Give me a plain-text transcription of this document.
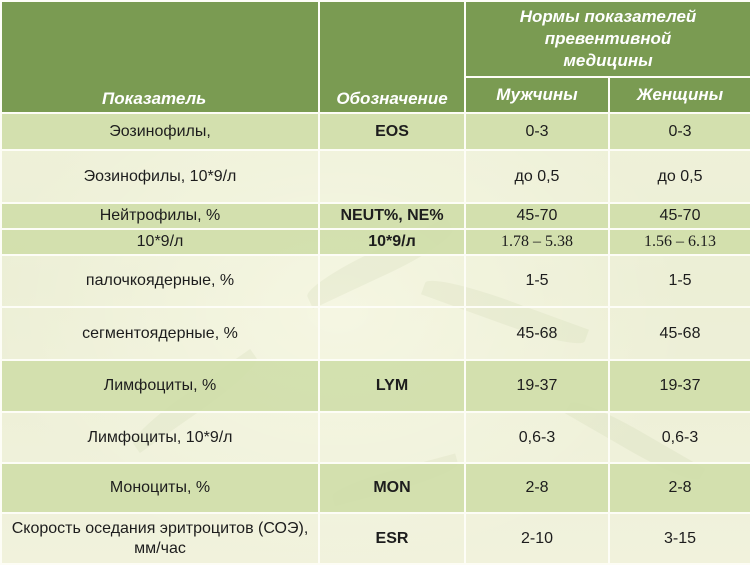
Показатель	Обозначение	Нормы показателей превентивной медицины	
		Мужчины	Женщины
Эозинофилы,	EOS	0-3	0-3
Эозинофилы, 10*9/л		до 0,5	до 0,5
Нейтрофилы, %	NEUT%, NE%	45-70	45-70
10*9/л	10*9/л	1.78 – 5.38	1.56 – 6.13
палочкоядерные, %		1-5	1-5
сегментоядерные, %		45-68	45-68
Лимфоциты, %	LYM	19-37	19-37
Лимфоциты, 10*9/л		0,6-3	0,6-3
Моноциты, %	MON	2-8	2-8
Скорость оседания эритроцитов (СОЭ), мм/час	ESR	2-10	3-15
